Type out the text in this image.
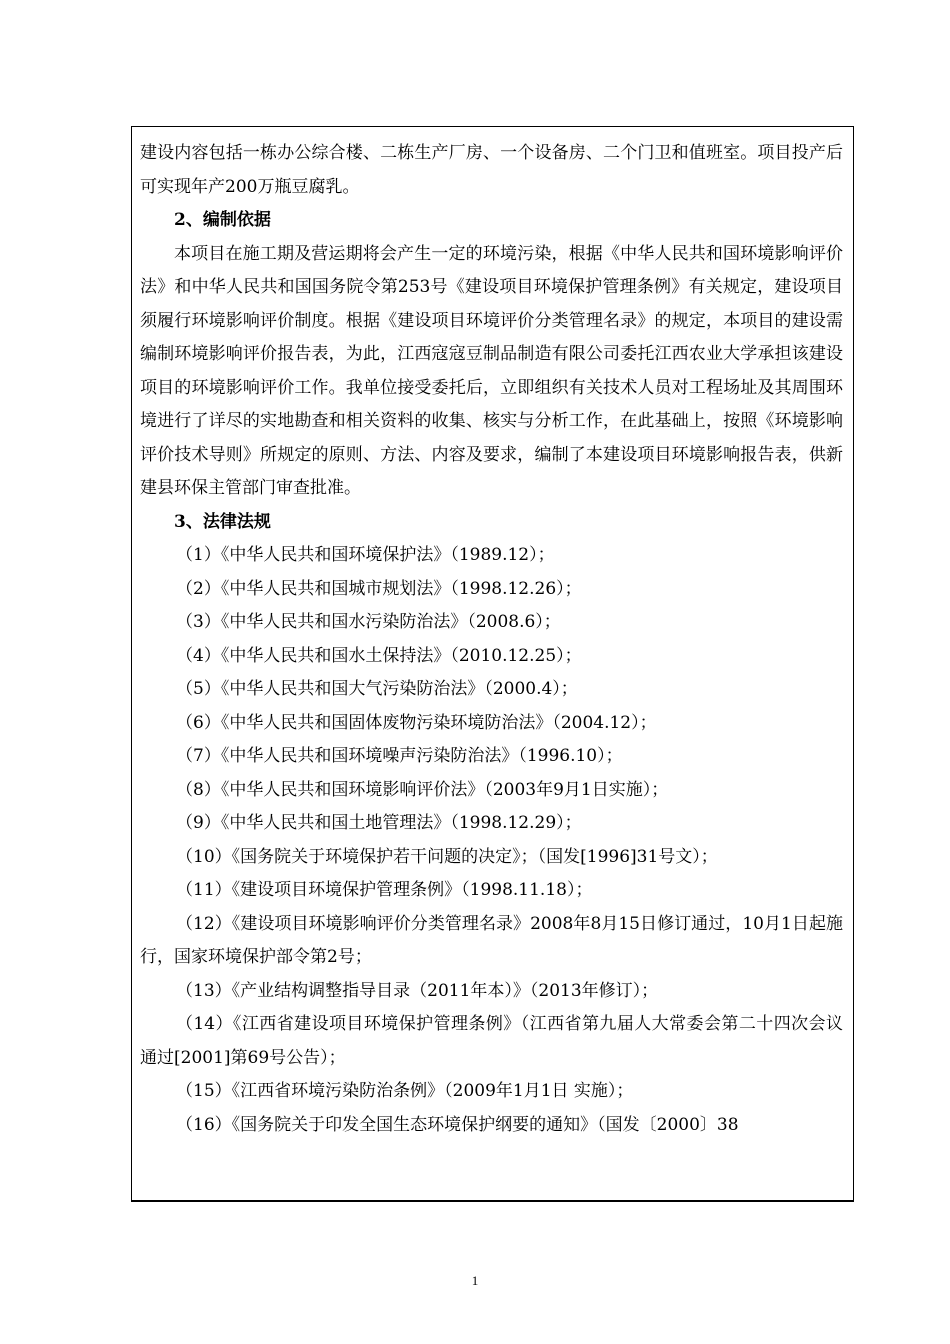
建设内容包括一栋办公综合楼、二栋生产厂房、一个设备房、二个门卫和值班室。项目投产后可实现年产200万瓶豆腐乳。

2、编制依据

本项目在施工期及营运期将会产生一定的环境污染，根据《中华人民共和国环境影响评价法》和中华人民共和国国务院令第253号《建设项目环境保护管理条例》有关规定，建设项目须履行环境影响评价制度。根据《建设项目环境评价分类管理名录》的规定，本项目的建设需编制环境影响评价报告表，为此，江西寇寇豆制品制造有限公司委托江西农业大学承担该建设项目的环境影响评价工作。我单位接受委托后，立即组织有关技术人员对工程场址及其周围环境进行了详尽的实地勘查和相关资料的收集、核实与分析工作，在此基础上，按照《环境影响评价技术导则》所规定的原则、方法、内容及要求，编制了本建设项目环境影响报告表，供新建县环保主管部门审查批准。

3、法律法规

（1）《中华人民共和国环境保护法》（1989.12）；

（2）《中华人民共和国城市规划法》（1998.12.26）；

（3）《中华人民共和国水污染防治法》（2008.6）；

（4）《中华人民共和国水土保持法》（2010.12.25）；

（5）《中华人民共和国大气污染防治法》（2000.4）；

（6）《中华人民共和国固体废物污染环境防治法》（2004.12）；

（7）《中华人民共和国环境噪声污染防治法》（1996.10）；

（8）《中华人民共和国环境影响评价法》（2003年9月1日实施）；

（9）《中华人民共和国土地管理法》（1998.12.29）；

（10）《国务院关于环境保护若干问题的决定》；（国发[1996]31号文）；

（11）《建设项目环境保护管理条例》（1998.11.18）；

（12）《建设项目环境影响评价分类管理名录》2008年8月15日修订通过，10月1日起施行，国家环境保护部令第2号；

（13）《产业结构调整指导目录（2011年本）》（2013年修订）；

（14）《江西省建设项目环境保护管理条例》（江西省第九届人大常委会第二十四次会议通过[2001]第69号公告）；

（15）《江西省环境污染防治条例》（2009年1月1日 实施）；

（16）《国务院关于印发全国生态环境保护纲要的通知》（国发〔2000〕38

1
